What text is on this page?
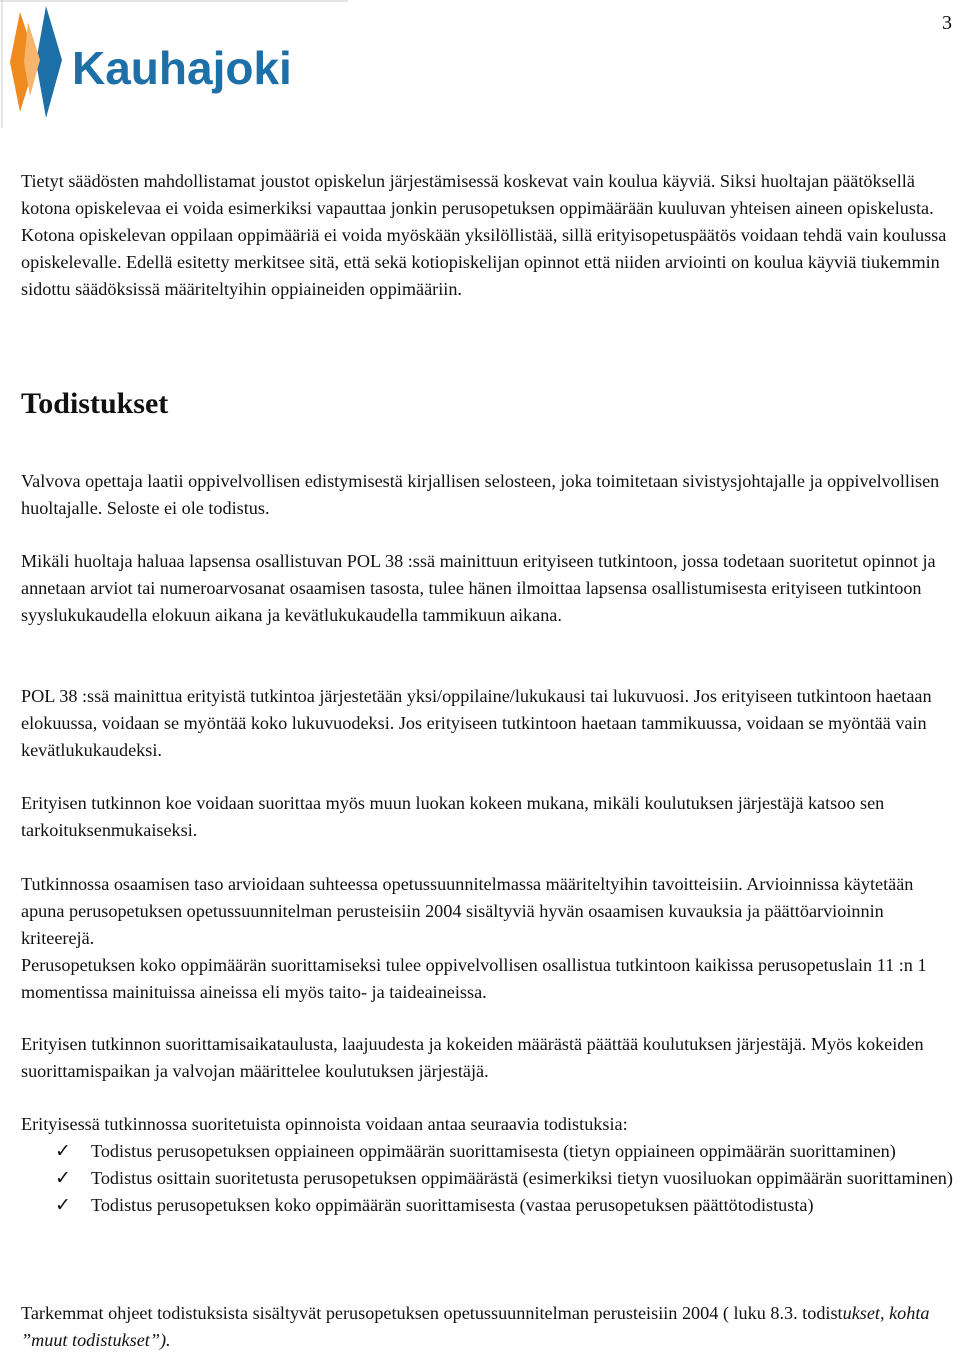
Kauhajoki
3

Tietyt säädösten mahdollistamat joustot opiskelun järjestämisessä koskevat vain koulua käyviä. Siksi huoltajan päätöksellä kotona opiskelevaa ei voida esimerkiksi vapauttaa jonkin perusopetuksen oppimäärään kuuluvan yhteisen aineen opiskelusta. Kotona opiskelevan oppilaan oppimääriä ei voida myöskään yksilöllistää, sillä erityisopetuspäätös voidaan tehdä vain koulussa opiskelevalle. Edellä esitetty merkitsee sitä, että sekä kotiopiskelijan opinnot että niiden arviointi on koulua käyviä tiukemmin sidottu säädöksissä määriteltyihin oppiaineiden oppimääriin.

Todistukset

Valvova opettaja laatii oppivelvollisen edistymisestä kirjallisen selosteen, joka toimitetaan sivistysjohtajalle ja oppivelvollisen huoltajalle. Seloste ei ole todistus.

Mikäli huoltaja haluaa lapsensa osallistuvan POL 38 :ssä mainittuun erityiseen tutkintoon, jossa todetaan suoritetut opinnot ja annetaan arviot tai numeroarvosanat osaamisen tasosta, tulee hänen ilmoittaa lapsensa osallistumisesta erityiseen tutkintoon syyslukukaudella elokuun aikana ja kevätlukukaudella tammikuun aikana.

POL 38 :ssä mainittua erityistä tutkintoa järjestetään yksi/oppilaine/lukukausi tai lukuvuosi. Jos erityiseen tutkintoon haetaan elokuussa, voidaan se myöntää koko lukuvuodeksi. Jos erityiseen tutkintoon haetaan tammikuussa, voidaan se myöntää vain kevätlukukaudeksi.

Erityisen tutkinnon koe voidaan suorittaa myös muun luokan kokeen mukana, mikäli koulutuksen järjestäjä katsoo sen tarkoituksenmukaiseksi.

Tutkinnossa osaamisen taso arvioidaan suhteessa opetussuunnitelmassa määriteltyihin tavoitteisiin. Arvioinnissa käytetään apuna perusopetuksen opetussuunnitelman perusteisiin 2004 sisältyviä hyvän osaamisen kuvauksia ja päättöarvioinnin kriteerejä.

Perusopetuksen koko oppimäärän suorittamiseksi tulee oppivelvollisen osallistua tutkintoon kaikissa perusopetuslain 11 :n 1 momentissa mainituissa aineissa eli myös taito- ja taideaineissa.

Erityisen tutkinnon suorittamisaikataulusta, laajuudesta ja kokeiden määrästä päättää koulutuksen järjestäjä. Myös kokeiden suorittamispaikan ja valvojan määrittelee koulutuksen järjestäjä.

Erityisessä tutkinnossa suoritetuista opinnoista voidaan antaa seuraavia todistuksia:

✓ Todistus perusopetuksen oppiaineen oppimäärän suorittamisesta (tietyn oppiaineen oppimäärän suorittaminen)
✓ Todistus osittain suoritetusta perusopetuksen oppimäärästä (esimerkiksi tietyn vuosiluokan oppimäärän suorittaminen)
✓ Todistus perusopetuksen koko oppimäärän suorittamisesta (vastaa perusopetuksen päättötodistusta)

Tarkemmat ohjeet todistuksista sisältyvät perusopetuksen opetussuunnitelman perusteisiin 2004 ( luku 8.3. todistukset, kohta ”muut todistukset”).
